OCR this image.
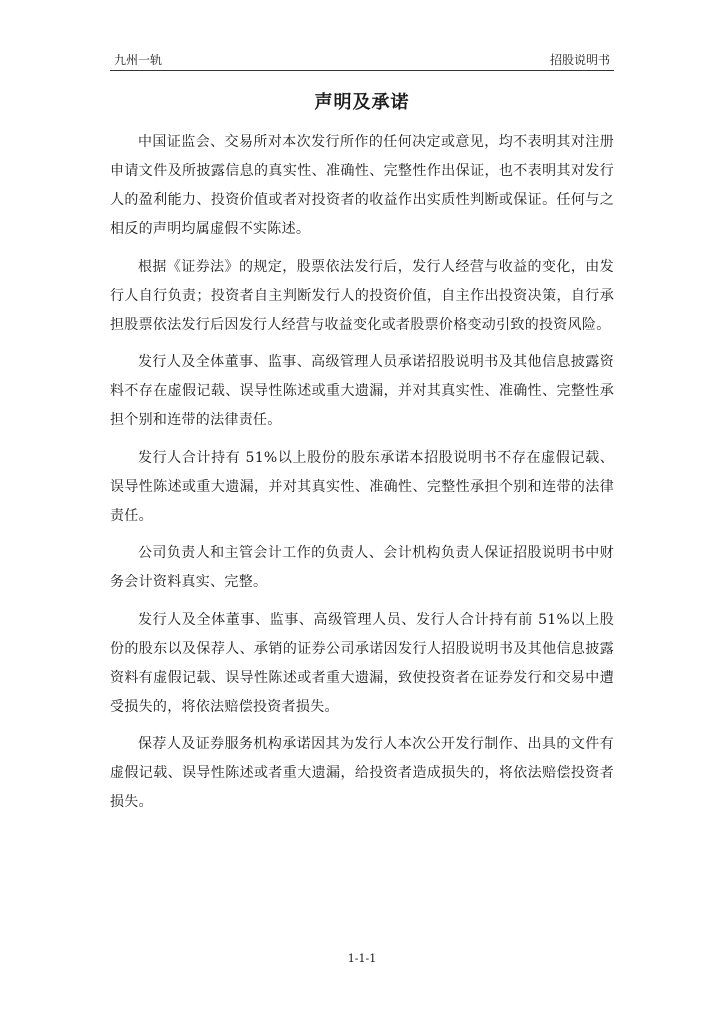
九州一轨	招股说明书
声明及承诺

中国证监会、交易所对本次发行所作的任何决定或意见，均不表明其对注册申请文件及所披露信息的真实性、准确性、完整性作出保证，也不表明其对发行人的盈利能力、投资价值或者对投资者的收益作出实质性判断或保证。任何与之相反的声明均属虚假不实陈述。

根据《证券法》的规定，股票依法发行后，发行人经营与收益的变化，由发行人自行负责；投资者自主判断发行人的投资价值，自主作出投资决策，自行承担股票依法发行后因发行人经营与收益变化或者股票价格变动引致的投资风险。

发行人及全体董事、监事、高级管理人员承诺招股说明书及其他信息披露资料不存在虚假记载、误导性陈述或重大遗漏，并对其真实性、准确性、完整性承担个别和连带的法律责任。

发行人合计持有 51%以上股份的股东承诺本招股说明书不存在虚假记载、误导性陈述或重大遗漏，并对其真实性、准确性、完整性承担个别和连带的法律责任。

公司负责人和主管会计工作的负责人、会计机构负责人保证招股说明书中财务会计资料真实、完整。

发行人及全体董事、监事、高级管理人员、发行人合计持有前 51%以上股份的股东以及保荐人、承销的证券公司承诺因发行人招股说明书及其他信息披露资料有虚假记载、误导性陈述或者重大遗漏，致使投资者在证券发行和交易中遭受损失的，将依法赔偿投资者损失。

保荐人及证券服务机构承诺因其为发行人本次公开发行制作、出具的文件有虚假记载、误导性陈述或者重大遗漏，给投资者造成损失的，将依法赔偿投资者损失。

1-1-1
